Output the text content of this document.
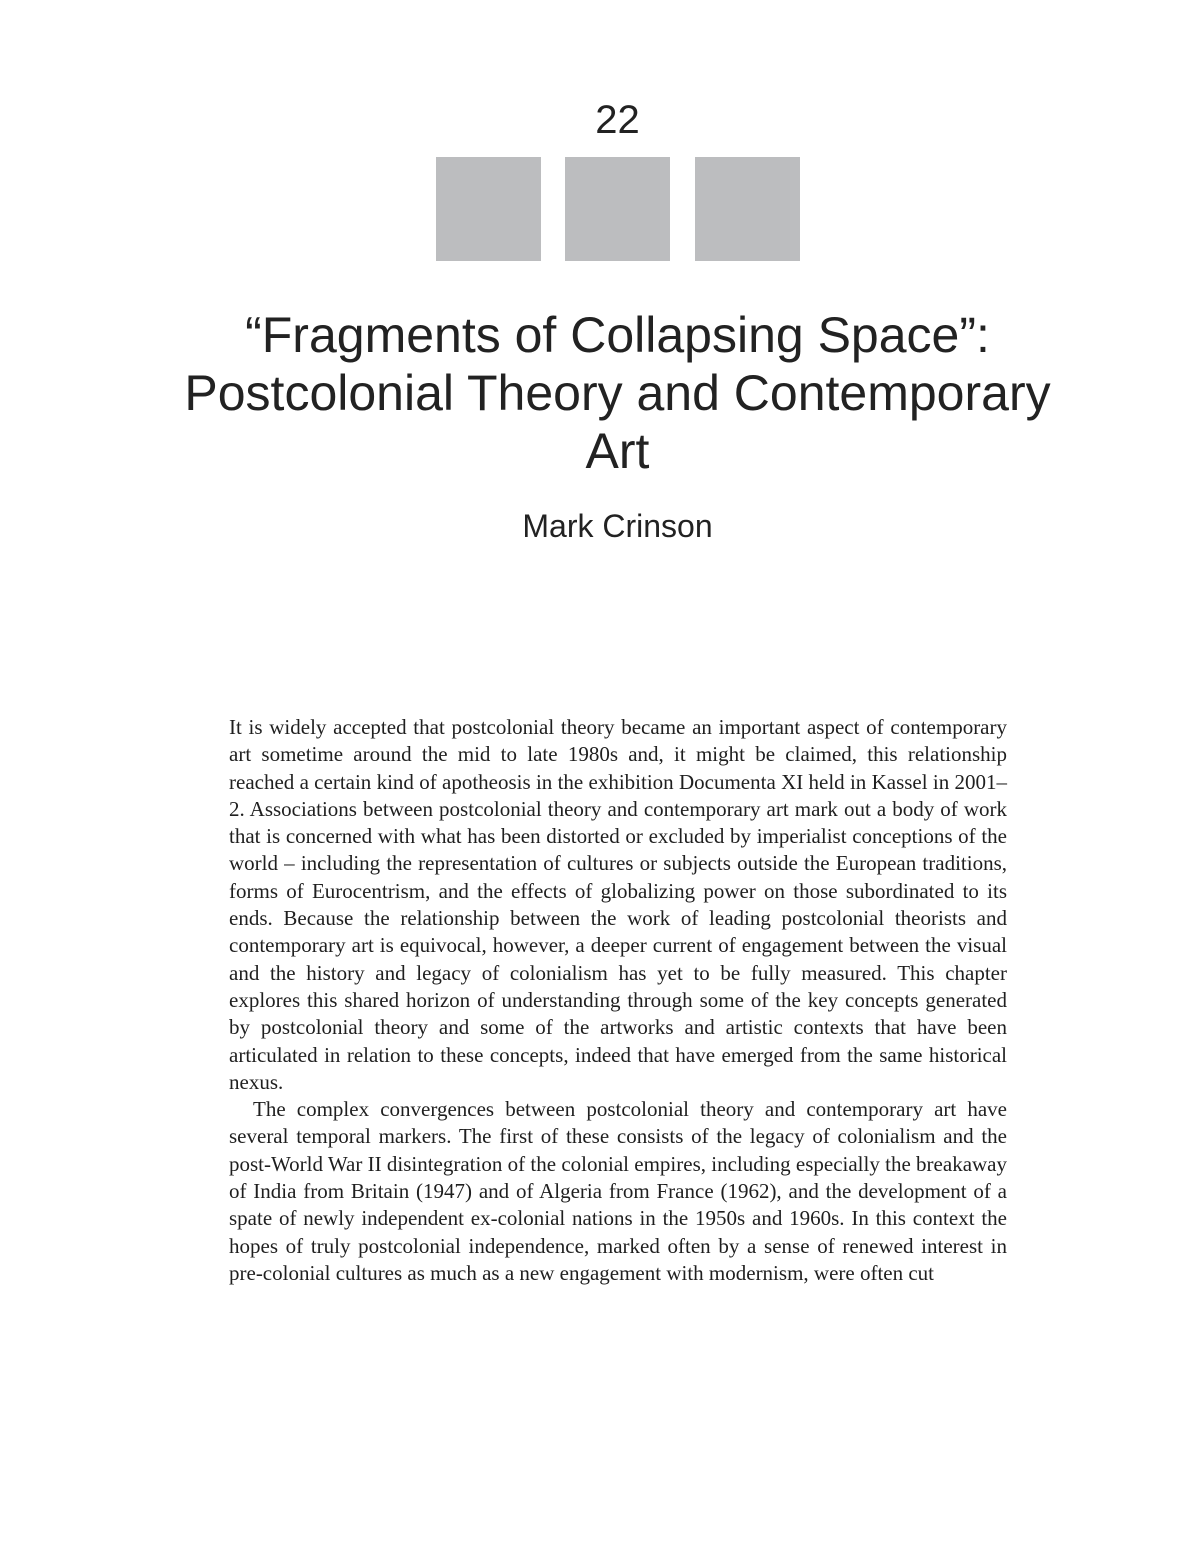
22
“Fragments of Collapsing Space”: Postcolonial Theory and Contemporary Art
Mark Crinson

It is widely accepted that postcolonial theory became an important aspect of contemporary art sometime around the mid to late 1980s and, it might be claimed, this relationship reached a certain kind of apotheosis in the exhibition Documenta XI held in Kassel in 2001–2. Associations between postcolonial theory and contemporary art mark out a body of work that is concerned with what has been distorted or excluded by imperialist conceptions of the world – including the representation of cultures or subjects outside the European traditions, forms of Eurocentrism, and the effects of globalizing power on those subordinated to its ends. Because the relationship between the work of leading postcolonial theorists and contemporary art is equivocal, however, a deeper current of engagement between the visual and the history and legacy of colonialism has yet to be fully measured. This chapter explores this shared horizon of understanding through some of the key concepts generated by postcolonial theory and some of the artworks and artistic contexts that have been articulated in relation to these concepts, indeed that have emerged from the same historical nexus.

The complex convergences between postcolonial theory and contemporary art have several temporal markers. The first of these consists of the legacy of colonialism and the post-World War II disintegration of the colonial empires, including especially the breakaway of India from Britain (1947) and of Algeria from France (1962), and the development of a spate of newly independent ex-colonial nations in the 1950s and 1960s. In this context the hopes of truly postcolonial independence, marked often by a sense of renewed interest in pre-colonial cultures as much as a new engagement with modernism, were often cut
